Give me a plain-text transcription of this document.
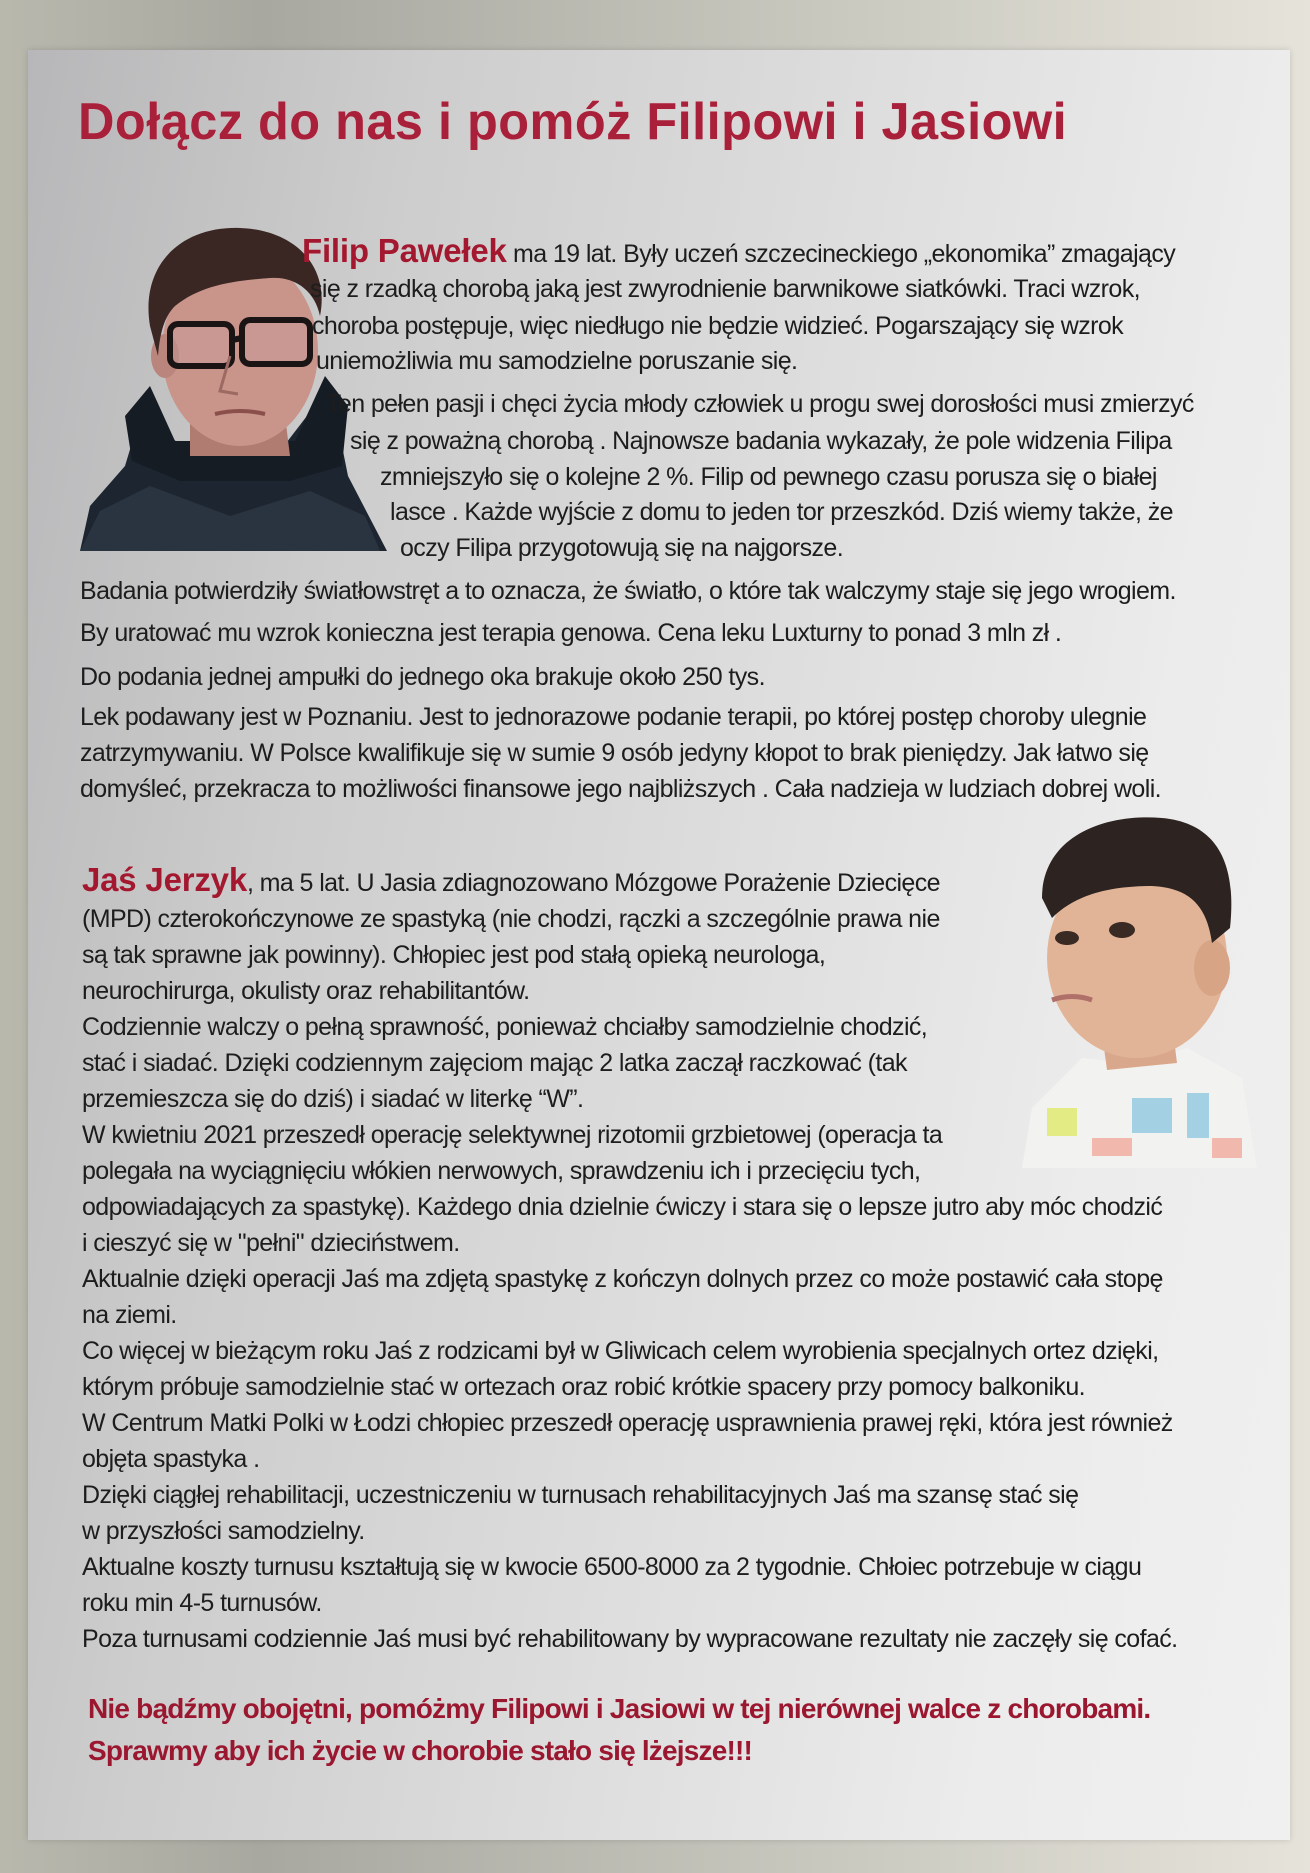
Dołącz do nas i pomóż Filipowi i Jasiowi
Filip Pawełek ma 19 lat. Były uczeń szczecineckiego „ekonomika” zmagający
się z rzadką chorobą jaką jest zwyrodnienie barwnikowe siatkówki. Traci wzrok,
choroba postępuje, więc niedługo nie będzie widzieć. Pogarszający się wzrok
uniemożliwia mu samodzielne poruszanie się.
Ten pełen pasji i chęci życia młody człowiek u progu swej dorosłości musi zmierzyć
się z poważną chorobą . Najnowsze badania wykazały, że pole widzenia Filipa
zmniejszyło się o kolejne 2 %. Filip od pewnego czasu porusza się o białej
lasce . Każde wyjście z domu to jeden tor przeszkód. Dziś wiemy także, że
oczy Filipa przygotowują się na najgorsze.
Badania potwierdziły światłowstręt a to oznacza, że światło, o które tak walczymy staje się jego wrogiem.
By uratować mu wzrok konieczna jest terapia genowa. Cena leku Luxturny to ponad 3 mln zł .
Do podania jednej ampułki do jednego oka brakuje około 250 tys.
Lek podawany jest w Poznaniu. Jest to jednorazowe podanie terapii, po której postęp choroby ulegnie
zatrzymywaniu. W Polsce kwalifikuje się w sumie 9 osób jedyny kłopot to brak pieniędzy. Jak łatwo się
domyśleć, przekracza to możliwości finansowe jego najbliższych . Cała nadzieja w ludziach dobrej woli.
Jaś Jerzyk, ma 5 lat. U Jasia zdiagnozowano Mózgowe Porażenie Dziecięce
(MPD) czterokończynowe ze spastyką (nie chodzi, rączki a szczególnie prawa nie
są tak sprawne jak powinny). Chłopiec jest pod stałą opieką neurologa,
neurochirurga, okulisty oraz rehabilitantów.
Codziennie walczy o pełną sprawność, ponieważ chciałby samodzielnie chodzić,
stać i siadać. Dzięki codziennym zajęciom mając 2 latka zaczął raczkować (tak
przemieszcza się do dziś) i siadać w literkę “W”.
W kwietniu 2021 przeszedł operację selektywnej rizotomii grzbietowej (operacja ta
polegała na wyciągnięciu włókien nerwowych, sprawdzeniu ich i przecięciu tych,
odpowiadających za spastykę). Każdego dnia dzielnie ćwiczy i stara się o lepsze jutro aby móc chodzić
i cieszyć się w "pełni" dzieciństwem.
Aktualnie dzięki operacji Jaś ma zdjętą spastykę z kończyn dolnych przez co może postawić cała stopę
na ziemi.
Co więcej w bieżącym roku Jaś z rodzicami był w Gliwicach celem wyrobienia specjalnych ortez dzięki,
którym próbuje samodzielnie stać w ortezach oraz robić krótkie spacery przy pomocy balkoniku.
W Centrum Matki Polki w Łodzi chłopiec przeszedł operację usprawnienia prawej ręki, która jest również
objęta spastyka .
Dzięki ciągłej rehabilitacji, uczestniczeniu w turnusach rehabilitacyjnych Jaś ma szansę stać się
w przyszłości samodzielny.
Aktualne koszty turnusu kształtują się w kwocie 6500-8000 za 2 tygodnie. Chłoiec potrzebuje w ciągu
roku min 4-5 turnusów.
Poza turnusami codziennie Jaś musi być rehabilitowany by wypracowane rezultaty nie zaczęły się cofać.

Nie bądźmy obojętni, pomóżmy Filipowi i Jasiowi w tej nierównej walce z chorobami.

Sprawmy aby ich życie w chorobie stało się lżejsze!!!
